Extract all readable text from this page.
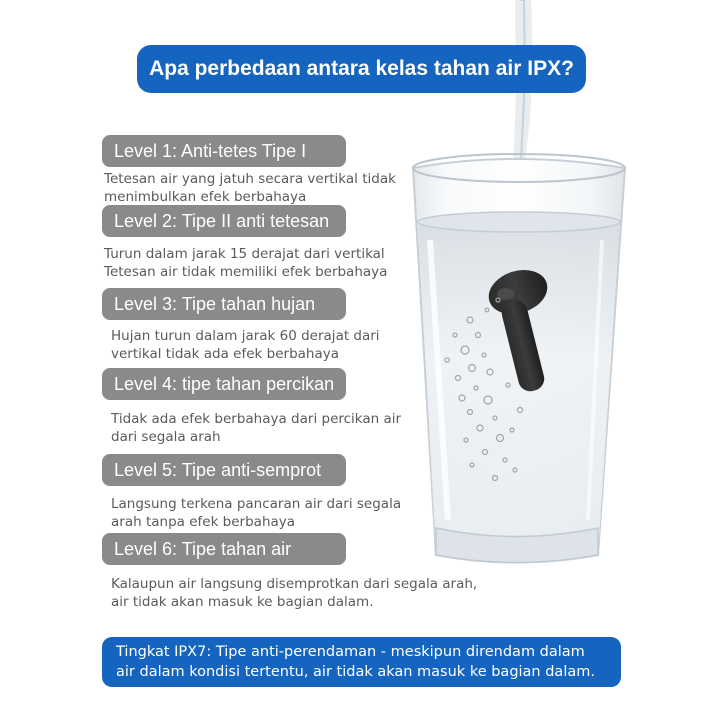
Apa perbedaan antara kelas tahan air IPX?
Level 1: Anti-tetes Tipe I
Tetesan air yang jatuh secara vertikal tidak
menimbulkan efek berbahaya
Level 2: Tipe II anti tetesan
Turun dalam jarak 15 derajat dari vertikal
Tetesan air tidak memiliki efek berbahaya
Level 3: Tipe tahan hujan
Hujan turun dalam jarak 60 derajat dari
vertikal tidak ada efek berbahaya
Level 4: tipe tahan percikan
Tidak ada efek berbahaya dari percikan air
dari segala arah
Level 5: Tipe anti-semprot
Langsung terkena pancaran air dari segala
arah tanpa efek berbahaya
Level 6: Tipe tahan air
Kalaupun air langsung disemprotkan dari segala arah,
air tidak akan masuk ke bagian dalam.
Tingkat IPX7: Tipe anti-perendaman - meskipun direndam dalam
air dalam kondisi tertentu, air tidak akan masuk ke bagian dalam.
